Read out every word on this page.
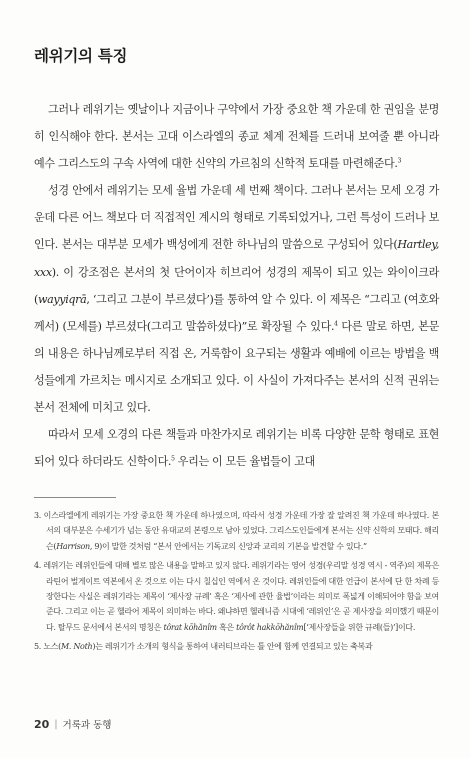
레위기의 특징

그러나 레위기는 옛날이나 지금이나 구약에서 가장 중요한 책 가운데 한 권임을 분명히 인식해야 한다. 본서는 고대 이스라엘의 종교 체계 전체를 드러내 보여줄 뿐 아니라 예수 그리스도의 구속 사역에 대한 신약의 가르침의 신학적 토대를 마련해준다.$^3$

성경 안에서 레위기는 모세 율법 가운데 세 번째 책이다. 그러나 본서는 모세 오경 가운데 다른 어느 책보다 더 직접적인 계시의 형태로 기록되었거나, 그런 특성이 드러나 보인다. 본서는 대부분 모세가 백성에게 전한 하나님의 말씀으로 구성되어 있다(Hartley, xxx). 이 강조점은 본서의 첫 단어이자 히브리어 성경의 제목이 되고 있는 와이이크라(wayyiqrā, ‘그리고 그분이 부르셨다’)를 통하여 알 수 있다. 이 제목은 “그리고 (여호와께서) (모세를) 부르셨다(그리고 말씀하셨다)”로 확장될 수 있다.$^4$ 다른 말로 하면, 본문의 내용은 하나님께로부터 직접 온, 거룩함이 요구되는 생활과 예배에 이르는 방법을 백성들에게 가르치는 메시지로 소개되고 있다. 이 사실이 가져다주는 본서의 신적 권위는 본서 전체에 미치고 있다.

따라서 모세 오경의 다른 책들과 마찬가지로 레위기는 비록 다양한 문학 형태로 표현되어 있다 하더라도 신학이다.$^5$ 우리는 이 모든 율법들이 고대

3. 이스라엘에게 레위기는 가장 중요한 책 가운데 하나였으며, 따라서 성경 가운데 가장 잘 알려진 책 가운데 하나였다. 본서의 대부분은 수세기가 넘는 동안 유대교의 본령으로 남아 있었다. 그리스도인들에게 본서는 신약 신학의 모태다. 해리슨(Harrison, 9)이 말한 것처럼 “본서 안에서는 기독교의 신앙과 교리의 기본을 발견할 수 있다.”

4. 레위기는 레위인들에 대해 별로 많은 내용을 말하고 있지 않다. 레위기라는 영어 성경(우리말 성경 역시 - 역주)의 제목은 라틴어 벌게이트 역본에서 온 것으로 이는 다시 칠십인 역에서 온 것이다. 레위인들에 대한 언급이 본서에 단 한 차례 등장한다는 사실은 레위기라는 제목이 ‘제사장 규례’ 혹은 ‘제사에 관한 율법’이라는 의미로 폭넓게 이해되어야 함을 보여준다. 그리고 이는 곧 헬라어 제목이 의미하는 바다. 왜냐하면 헬레니즘 시대에 ‘레위인’은 곧 제사장을 의미했기 때문이다. 탈무드 문서에서 본서의 명칭은 tôrat kōhănîm 혹은 tôrôt hakkōhănîm[‘제사장들을 위한 규례(들)’]이다.

5. 노스(M. Noth)는 레위기가 소개의 형식을 통하여 내러티브라는 틀 안에 함께 연결되고 있는 축복과

20 | 거룩과 동행
